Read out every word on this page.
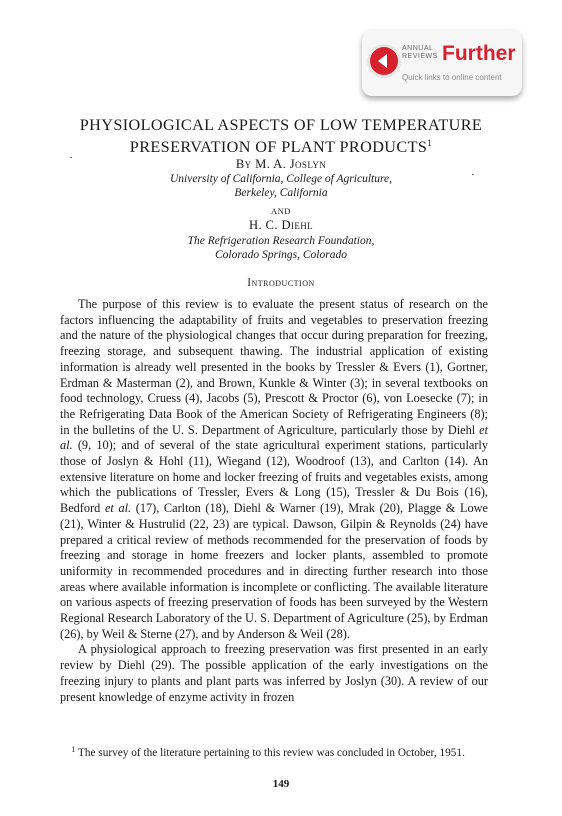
ANNUAL
REVIEWS Further
Quick links to online content
PHYSIOLOGICAL ASPECTS OF LOW TEMPERATURE
PRESERVATION OF PLANT PRODUCTS$^1$
By M. A. Joslyn
University of California, College of Agriculture,
Berkeley, California
AND
H. C. Diehl
The Refrigeration Research Foundation,
Colorado Springs, Colorado
Introduction

The purpose of this review is to evaluate the present status of research on the factors influencing the adaptability of fruits and vegetables to preservation freezing and the nature of the physiological changes that occur during preparation for freezing, freezing storage, and subsequent thawing. The industrial application of existing information is already well presented in the books by Tressler & Evers (1), Gortner, Erdman & Masterman (2), and Brown, Kunkle & Winter (3); in several textbooks on food technology, Cruess (4), Jacobs (5), Prescott & Proctor (6), von Loesecke (7); in the Refrigerating Data Book of the American Society of Refrigerating Engineers (8); in the bulletins of the U. S. Department of Agriculture, particularly those by Diehl et al. (9, 10); and of several of the state agricultural experiment stations, particularly those of Joslyn & Hohl (11), Wiegand (12), Woodroof (13), and Carlton (14). An extensive literature on home and locker freezing of fruits and vegetables exists, among which the publications of Tressler, Evers & Long (15), Tressler & Du Bois (16), Bedford et al. (17), Carlton (18), Diehl & Warner (19), Mrak (20), Plagge & Lowe (21), Winter & Hustrulid (22, 23) are typical. Dawson, Gilpin & Reynolds (24) have prepared a critical review of methods recommended for the preservation of foods by freezing and storage in home freezers and locker plants, assembled to promote uniformity in recommended procedures and in directing further research into those areas where available information is incomplete or conflicting. The available literature on various aspects of freezing preservation of foods has been surveyed by the Western Regional Research Laboratory of the U. S. Department of Agriculture (25), by Erdman (26), by Weil & Sterne (27), and by Anderson & Weil (28).

A physiological approach to freezing preservation was first presented in an early review by Diehl (29). The possible application of the early investigations on the freezing injury to plants and plant parts was inferred by Joslyn (30). A review of our present knowledge of enzyme activity in frozen

$^1$ The survey of the literature pertaining to this review was concluded in October, 1951.
149
